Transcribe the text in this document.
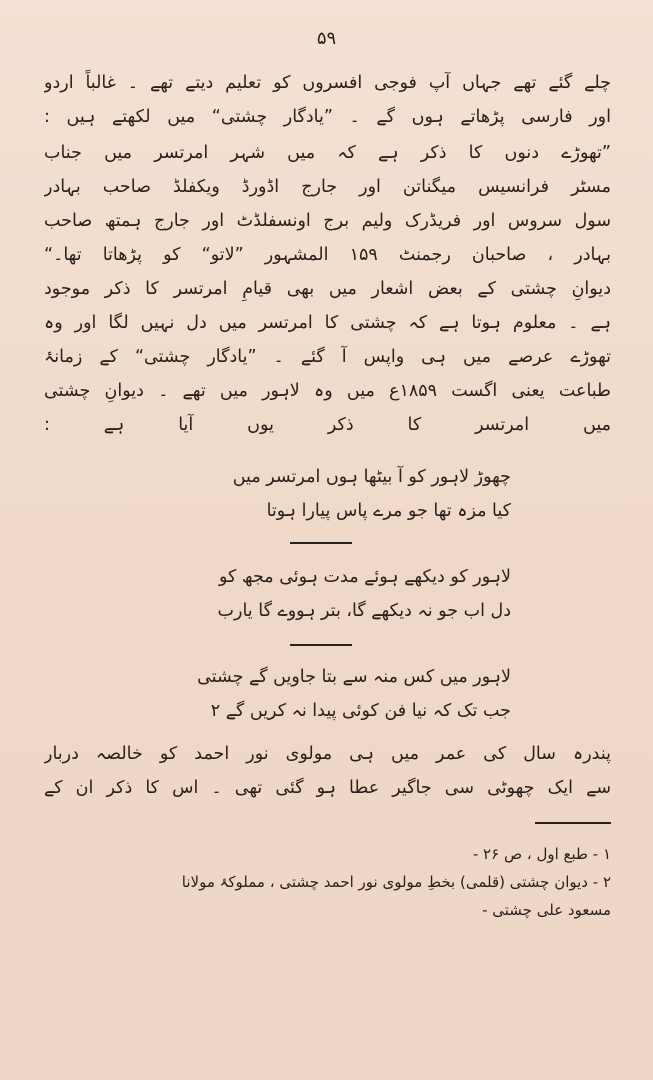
۵۹
چلے گئے تھے جہاں آپ فوجی افسروں کو تعلیم دیتے تھے ۔ غالباً اردو
اور فارسی پڑھاتے ہوں گے ۔ ”یادگار چشتی“ میں لکھتے ہیں :
”تھوڑے دنوں کا ذکر ہے کہ میں شہر امرتسر میں جناب
مسٹر فرانسیس میگناتن اور جارج اڈورڈ ویکفلڈ صاحب بہادر
سول سروس اور فریڈرک ولیم برج اونسفلڈٹ اور جارج ہمتھ صاحب
بہادر ، صاحبان رجمنٹ ۱۵۹ المشہور ”لاتو“ کو پڑھاتا تھا۔“
دیوانِ چشتی کے بعض اشعار میں بھی قیامِ امرتسر کا ذکر موجود
ہے ۔ معلوم ہوتا ہے کہ چشتی کا امرتسر میں دل نہیں لگا اور وہ
تھوڑے عرصے میں ہی واپس آ گئے ۔ ”یادگار چشتی“ کے زمانۂ
طباعت یعنی اگست ۱۸۵۹ع میں وہ لاہور میں تھے ۔ دیوانِ چشتی
میں امرتسر کا ذکر یوں آیا ہے :
چھوڑ لاہور کو آ بیٹھا ہوں امرتسر میں
کیا مزہ تھا جو مرے پاس پیارا ہوتا
لاہور کو دیکھے ہوئے مدت ہوئی مجھ کو
دل اب جو نہ دیکھے گا، بتر ہووے گا یارب
لاہور میں کس منہ سے بتا جاویں گے چشتی
جب تک کہ نیا فن کوئی پیدا نہ کریں گے ۲
پندرہ سال کی عمر میں ہی مولوی نور احمد کو خالصہ دربار
سے ایک چھوٹی سی جاگیر عطا ہو گئی تھی ۔ اس کا ذکر ان کے
۱ - طبع اول ، ص ۲۶ -
۲ - دیوان چشتی (قلمی) بخطِ مولوی نور احمد چشتی ، مملوکۂ مولانا
مسعود علی چشتی -
